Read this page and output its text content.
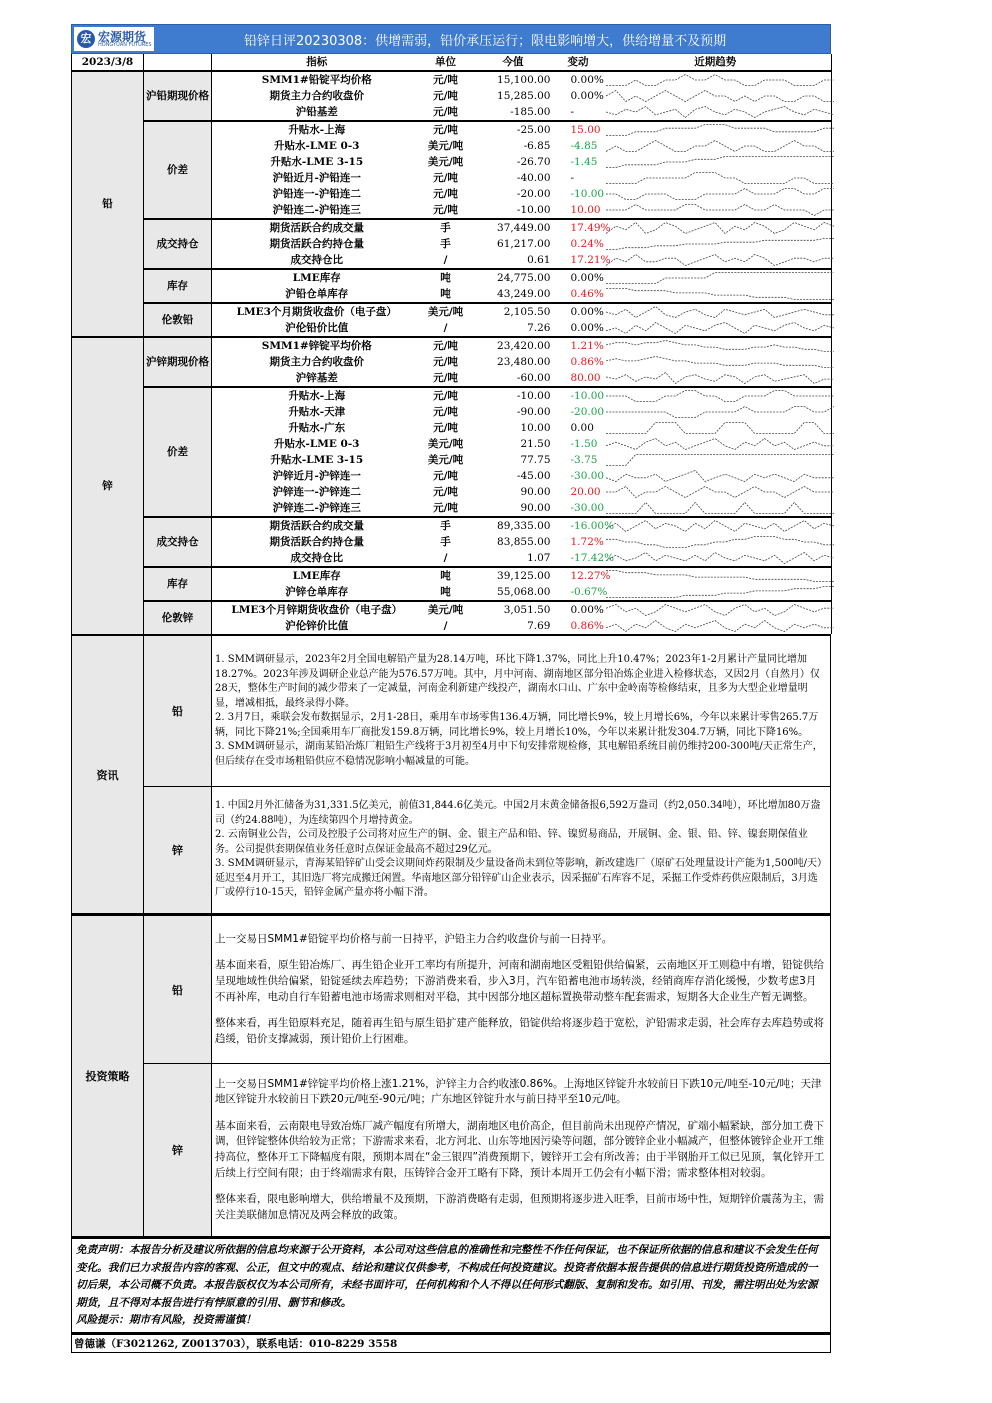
宏 宏源期货
HONGYUAN FUTURES	铅锌日评20230308：供增需弱，铅价承压运行；限电影响增大，供给增量不及预期
2023/3/8		指标	单位	今值	变动	近期趋势
铅	沪铅期现价格	SMM1#铅锭平均价格	元/吨	15,100.00	0.00%	

		期货主力合约收盘价	元/吨	15,285.00	0.00%	

		沪铅基差	元/吨	-185.00	-	

	价差	升贴水-上海	元/吨	-25.00	15.00	

		升贴水-LME 0-3	美元/吨	-6.85	-4.85	

		升贴水-LME 3-15	美元/吨	-26.70	-1.45	

		沪铅近月-沪铅连一	元/吨	-40.00	-	

		沪铅连一-沪铅连二	元/吨	-20.00	-10.00	

		沪铅连二-沪铅连三	元/吨	-10.00	10.00	

	成交持仓	期货活跃合约成交量	手	37,449.00	17.49%	

		期货活跃合约持仓量	手	61,217.00	0.24%	

		成交持仓比	/	0.61	17.21%	

	库存	LME库存	吨	24,775.00	0.00%	

		沪铅仓单库存	吨	43,249.00	0.46%	

	伦敦铅	LME3个月期货收盘价（电子盘）	美元/吨	2,105.50	0.00%	

		沪伦铅价比值	/	7.26	0.00%	

锌	沪锌期现价格	SMM1#锌锭平均价格	元/吨	23,420.00	1.21%	

		期货主力合约收盘价	元/吨	23,480.00	0.86%	

		沪锌基差	元/吨	-60.00	80.00	

	价差	升贴水-上海	元/吨	-10.00	-10.00	

		升贴水-天津	元/吨	-90.00	-20.00	

		升贴水-广东	元/吨	10.00	0.00	

		升贴水-LME 0-3	美元/吨	21.50	-1.50	

		升贴水-LME 3-15	美元/吨	77.75	-3.75	

		沪锌近月-沪锌连一	元/吨	-45.00	-30.00	

		沪锌连一-沪锌连二	元/吨	90.00	20.00	

		沪锌连二-沪锌连三	元/吨	90.00	-30.00	

	成交持仓	期货活跃合约成交量	手	89,335.00	-16.00%	

		期货活跃合约持仓量	手	83,855.00	1.72%	

		成交持仓比	/	1.07	-17.42%	

	库存	LME库存	吨	39,125.00	12.27%	

		沪锌仓单库存	吨	55,068.00	-0.67%	

	伦敦锌	LME3个月锌期货收盘价（电子盘）	美元/吨	3,051.50	0.00%	

		沪伦锌价比值	/	7.69	0.86%	
资讯	铅	1. SMM调研显示，2023年2月全国电解铅产量为28.14万吨，环比下降1.37%，同比上升10.47%；2023年1-2月累计产量同比增加18.27%。2023年涉及调研企业总产能为576.57万吨。其中，月中河南、湖南地区部分铅冶炼企业进入检修状态，又因2月（自然月）仅28天，整体生产时间的减少带来了一定减量，河南金利新建产线投产，湖南水口山、广东中金岭南等检修结束，且多为大型企业增量明显，增减相抵，最终录得小降。

2. 3月7日，乘联会发布数据显示，2月1-28日，乘用车市场零售136.4万辆，同比增长9%，较上月增长6%，今年以来累计零售265.7万辆，同比下降21%;全国乘用车厂商批发159.8万辆，同比增长9%，较上月增长10%，今年以来累计批发304.7万辆，同比下降16%。

3. SMM调研显示，湖南某铅冶炼厂粗铅生产线将于3月初至4月中下旬安排常规检修，其电解铅系统目前仍维持200-300吨/天正常生产，但后续存在受市场粗铅供应不稳情况影响小幅减量的可能。

	锌	1. 中国2月外汇储备为31,331.5亿美元，前值31,844.6亿美元。中国2月末黄金储备报6,592万盎司（约2,050.34吨），环比增加80万盎司（约24.88吨），为连续第四个月增持黄金。

2. 云南铜业公告，公司及控股子公司将对应生产的铜、金、银主产品和铅、锌、镍贸易商品，开展铜、金、银、铅、锌、镍套期保值业务。公司提供套期保值业务任意时点保证金最高不超过29亿元。

3. SMM调研显示，青海某铅锌矿山受会议期间炸药限制及少量设备尚未到位等影响，新改建选厂（原矿石处理量设计产能为1,500吨/天）延迟至4月开工，其旧选厂将完成搬迁闲置。华南地区部分铅锌矿山企业表示，因采掘矿石库容不足，采掘工作受炸药供应限制后，3月选厂或停行10-15天，铅锌金属产量亦将小幅下滑。

投资策略	铅	上一交易日SMM1#铅锭平均价格与前一日持平，沪铅主力合约收盘价与前一日持平。

基本面来看，原生铅冶炼厂、再生铅企业开工率均有所提升，河南和湖南地区受粗铅供给偏紧，云南地区开工则稳中有增，铅锭供给呈现地域性供给偏紧，铅锭延续去库趋势；下游消费来看，步入3月，汽车铅蓄电池市场转淡，经销商库存消化缓慢，少数考虑3月不再补库，电动自行车铅蓄电池市场需求则相对平稳，其中因部分地区超标置换带动整车配套需求，短期各大企业生产暂无调整。

整体来看，再生铅原料充足，随着再生铅与原生铅扩建产能释放，铅锭供给将逐步趋于宽松，沪铅需求走弱，社会库存去库趋势或将趋缓，铅价支撑减弱，预计铅价上行困难。

	锌	上一交易日SMM1#锌锭平均价格上涨1.21%，沪锌主力合约收涨0.86%。上海地区锌锭升水较前日下跌10元/吨至-10元/吨；天津地区锌锭升水较前日下跌20元/吨至-90元/吨；广东地区锌锭升水与前日持平至10元/吨。

基本面来看，云南限电导致冶炼厂减产幅度有所增大，湖南地区电价高企，但目前尚未出现停产情况，矿端小幅紧缺，部分加工费下调，但锌锭整体供给较为正常；下游需求来看，北方河北、山东等地因污染等问题，部分镀锌企业小幅减产，但整体镀锌企业开工维持高位，整体开工下降幅度有限，预期本周在“金三银四”消费预期下，镀锌开工会有所改善；由于半钢胎开工似已见顶，氧化锌开工后续上行空间有限；由于终端需求有限，压铸锌合金开工略有下降，预计本周开工仍会有小幅下滑；需求整体相对较弱。

整体来看，限电影响增大，供给增量不及预期，下游消费略有走弱，但预期将逐步进入旺季，目前市场中性，短期锌价震荡为主，需关注美联储加息情况及两会释放的政策。

免责声明：本报告分析及建议所依据的信息均来源于公开资料，本公司对这些信息的准确性和完整性不作任何保证，也不保证所依据的信息和建议不会发生任何变化。我们已力求报告内容的客观、公正，但文中的观点、结论和建议仅供参考，不构成任何投资建议。投资者依据本报告提供的信息进行期货投资所造成的一切后果，本公司概不负责。本报告版权仅为本公司所有，未经书面许可，任何机构和个人不得以任何形式翻版、复制和发布。如引用、刊发，需注明出处为宏源期货，且不得对本报告进行有悖原意的引用、删节和修改。
风险提示：期市有风险，投资需谨慎！
曾德谦（F3021262, Z0013703），联系电话：010-8229 3558
